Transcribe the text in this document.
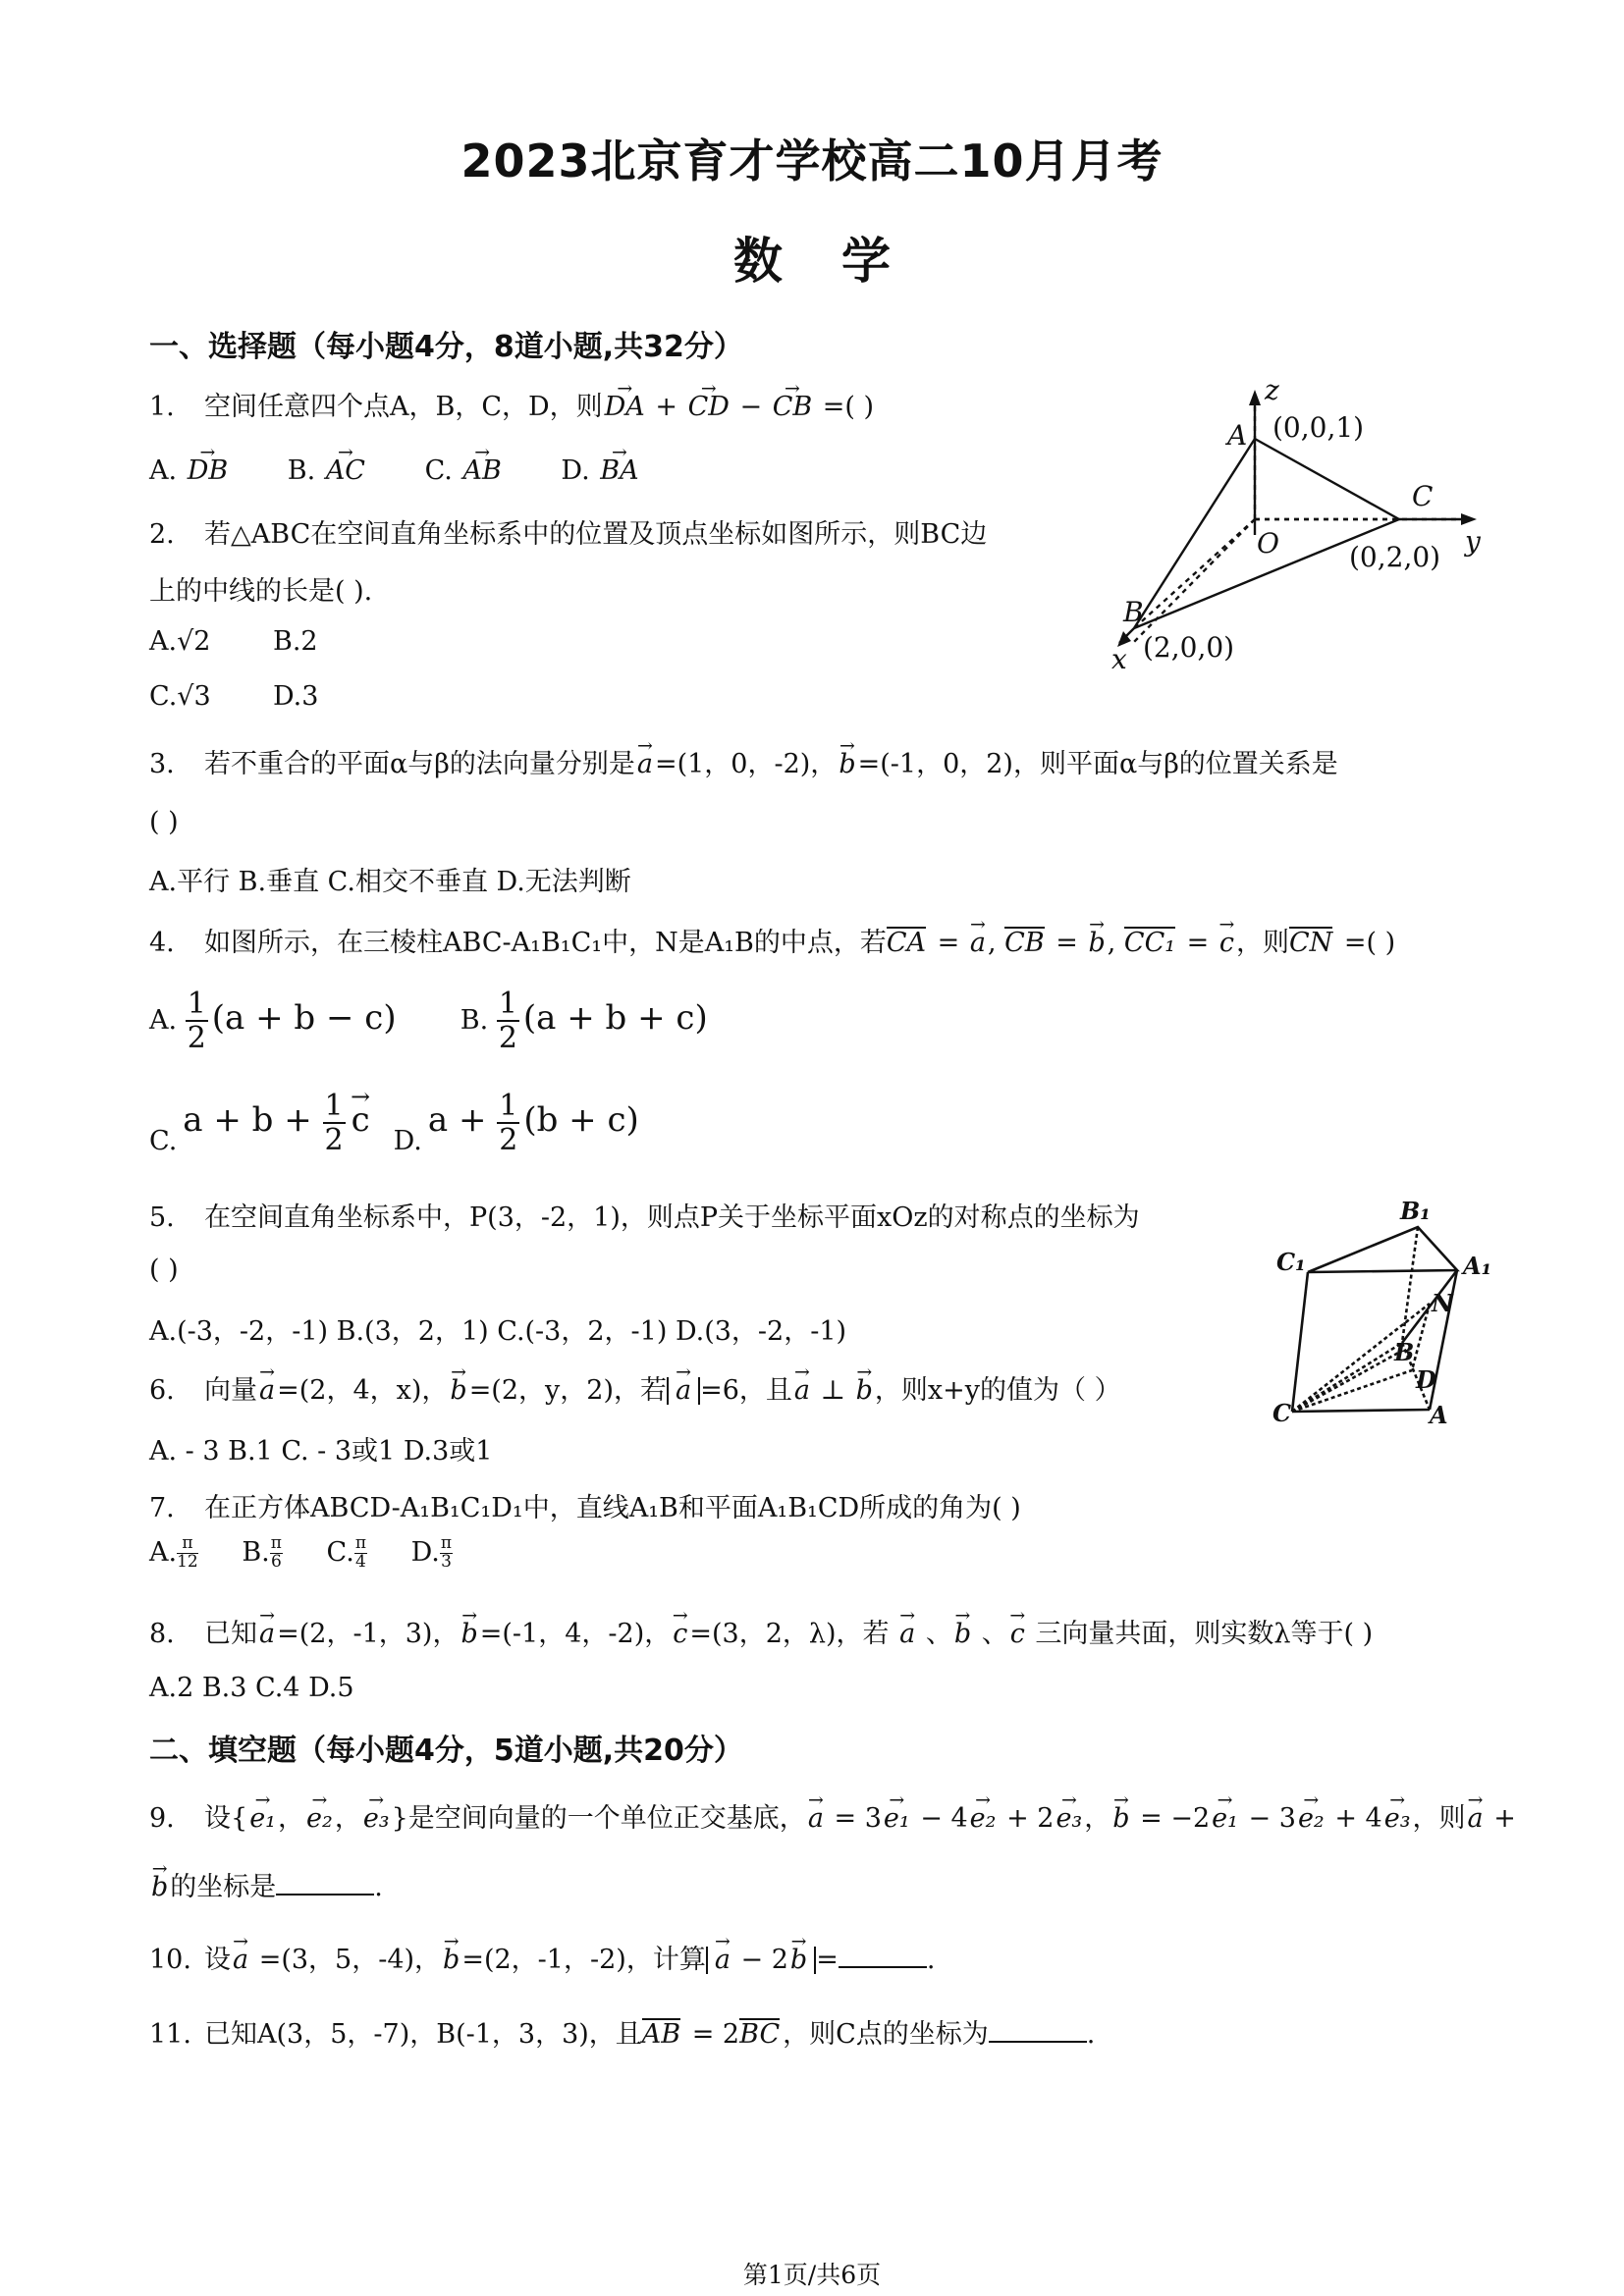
2023北京育才学校高二10月月考
数学
一、选择题（每小题4分，8道小题,共32分）
1. 空间任意四个点A，B，C，D，则→ DA + → CD − → CB =( )
A. → DB B. → AC C. → AB D. → BA
2. 若△ABC在空间直角坐标系中的位置及顶点坐标如图所示，则BC边
上的中线的长是( ).
A.√2 B.2
C.√3 D.3
z
y
x
A
C
B
O
(0,0,1)
(0,2,0)
(2,0,0)
3. 若不重合的平面α与β的法向量分别是→ a=(1，0，-2)，→ b=(-1，0，2)，则平面α与β的位置关系是
( )
A.平行 B.垂直 C.相交不垂直 D.无法判断
4. 如图所示，在三棱柱ABC-A₁B₁C₁中，N是A₁B的中点，若CA = → a, CB = → b, CC₁ = → c，则CN =( )
A. $\frac{1}{2} (a + b - c)$ B. $\frac{1}{2} (a + b + c)$
$C.a + b + \frac{1}{2}$
→ c $D.a + \frac{1}{2} (b + c)$
5. 在空间直角坐标系中，P(3，-2，1)，则点P关于坐标平面xOz的对称点的坐标为
( )
A.(-3，-2，-1) B.(3，2，1) C.(-3，2，-1) D.(3，-2，-1)
B₁
C₁	A₁
N
B
D
C	A
6. 向量→ a=(2，4，x)，→ b=(2，y，2)，若→ a =6，且→ a ⊥ → b，则x+y的值为（ ）
A. - 3 B.1 C. - 3或1 D.3或1
7. 在正方体ABCD-A₁B₁C₁D₁中，直线A₁B和平面A₁B₁CD所成的角为( )
A. $\frac{\pi}{12} B$. $\frac{\pi}{6} C$. $\frac{\pi}{4} D$. $\frac{\pi}{3}$
8. 已知→ a=(2，-1，3)，→ b=(-1，4，-2)，→ c=(3，2，λ)，若 → a 、→ b 、→ c 三向量共面，则实数λ等于( )
A.2 B.3 C.4 D.5
二、填空题（每小题4分，5道小题,共20分）
9. 设{→ e₁，→ e₂，→ e₃}是空间向量的一个单位正交基底，→ a = 3→ e₁ − 4→ e₂ + 2→ e₃，→ b = −2→ e₁ − 3→ e₂ + 4→ e₃，则→ a +
→ b的坐标是	.
10. 设→ a =(3，5，-4)，→ b=(2，-1，-2)，计算→ a − 2→ b =	.
11. 已知A(3，5，-7)，B(-1，3，3)，且AB = 2BC ，则C点的坐标为	.
第1页/共6页
